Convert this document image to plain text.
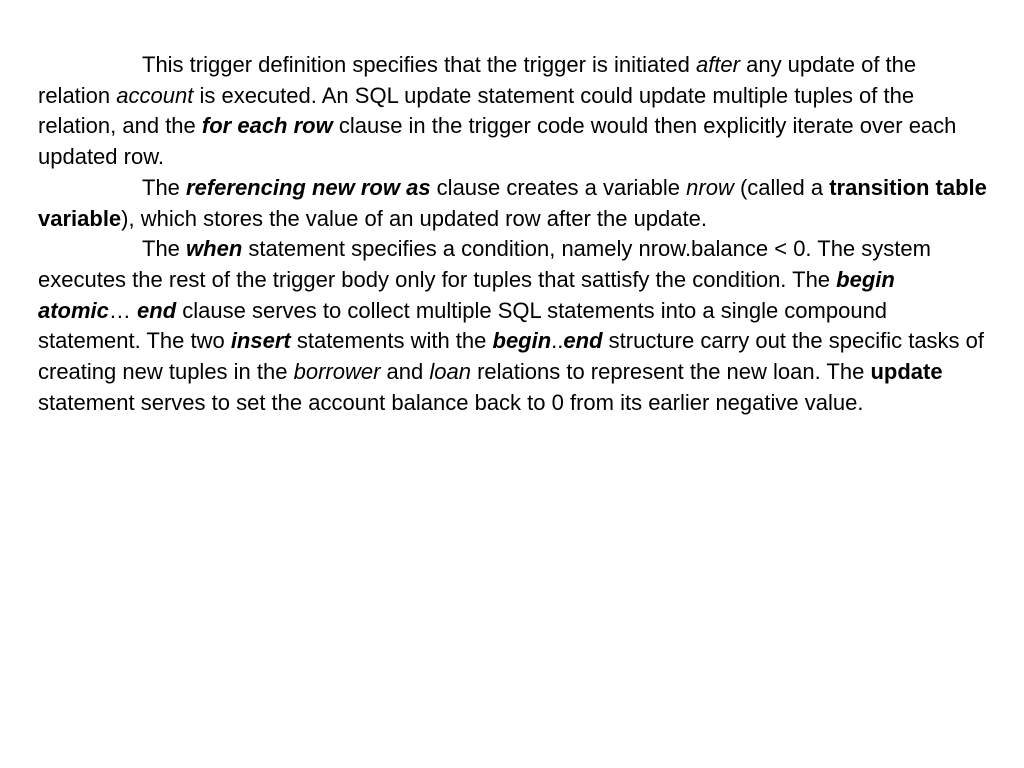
This trigger definition specifies that the trigger is initiated after any update of the relation account is executed. An SQL update statement could update multiple tuples of the relation, and the for each row clause in the trigger code would then explicitly iterate over each updated row.

The referencing new row as clause creates a variable nrow (called a transition table variable), which stores the value of an updated row after the update.

The when statement specifies a condition, namely nrow.balance < 0. The system executes the rest of the trigger body only for tuples that sattisfy the condition. The begin atomic… end clause serves to collect multiple SQL statements into a single compound statement. The two insert statements with the begin..end structure carry out the specific tasks of creating new tuples in the borrower and loan relations to represent the new loan. The update statement serves to set the account balance back to 0 from its earlier negative value.
